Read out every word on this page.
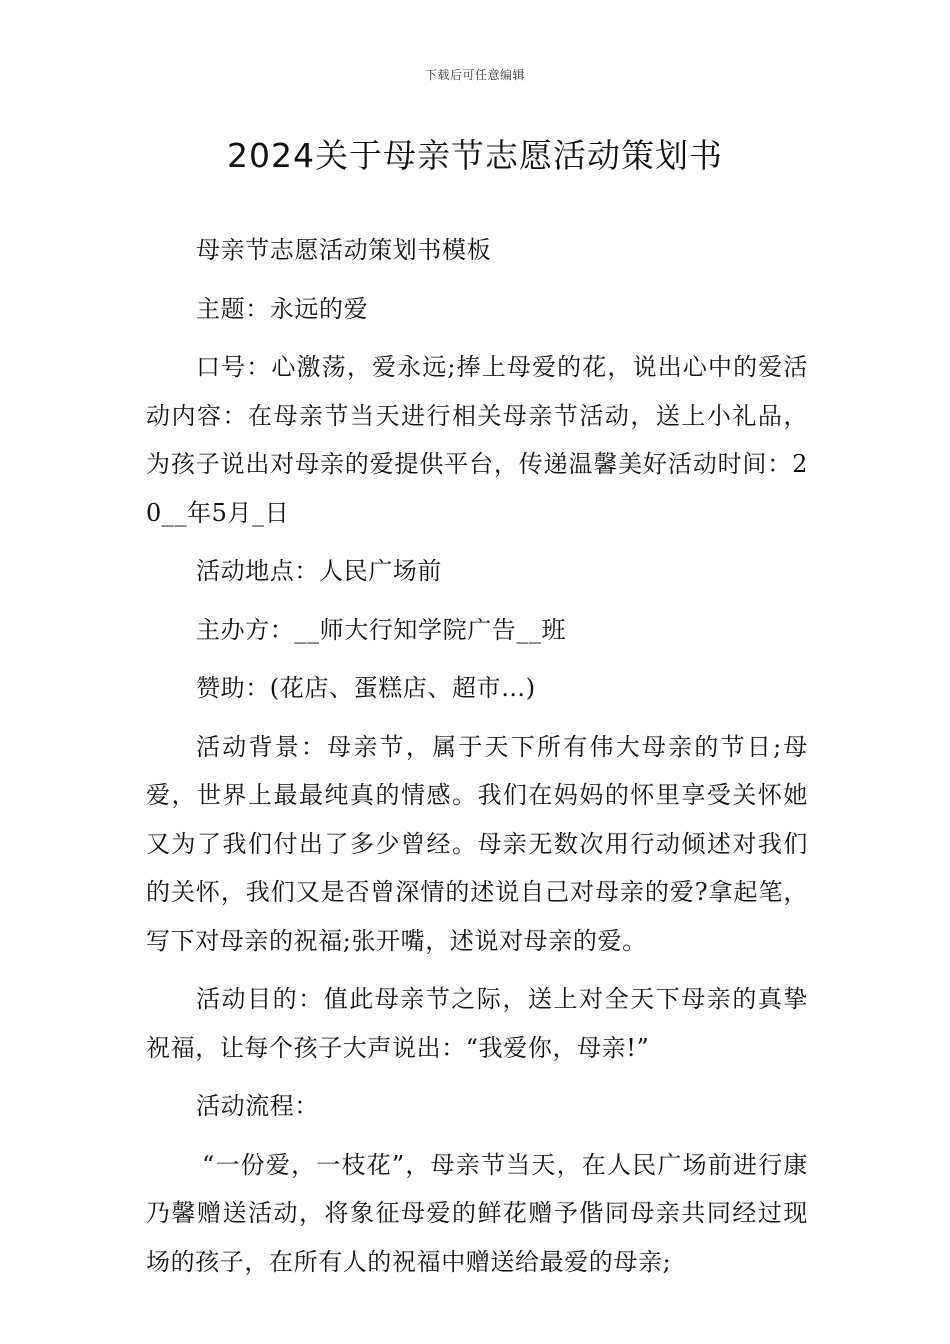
下载后可任意编辑
2024关于母亲节志愿活动策划书

母亲节志愿活动策划书模板

主题：永远的爱

口号：心激荡，爱永远;捧上母爱的花，说出心中的爱活动内容：在母亲节当天进行相关母亲节活动，送上小礼品，为孩子说出对母亲的爱提供平台，传递温馨美好活动时间：20__年5月_日

活动地点：人民广场前

主办方：__师大行知学院广告__班

赞助：(花店、蛋糕店、超市…)

活动背景：母亲节，属于天下所有伟大母亲的节日;母爱，世界上最最纯真的情感。我们在妈妈的怀里享受关怀她又为了我们付出了多少曾经。母亲无数次用行动倾述对我们的关怀，我们又是否曾深情的述说自己对母亲的爱?拿起笔，写下对母亲的祝福;张开嘴，述说对母亲的爱。

活动目的：值此母亲节之际，送上对全天下母亲的真挚祝福，让每个孩子大声说出：“我爱你，母亲!”

活动流程：

“一份爱，一枝花”，母亲节当天，在人民广场前进行康乃馨赠送活动，将象征母爱的鲜花赠予偕同母亲共同经过现场的孩子，在所有人的祝福中赠送给最爱的母亲;
